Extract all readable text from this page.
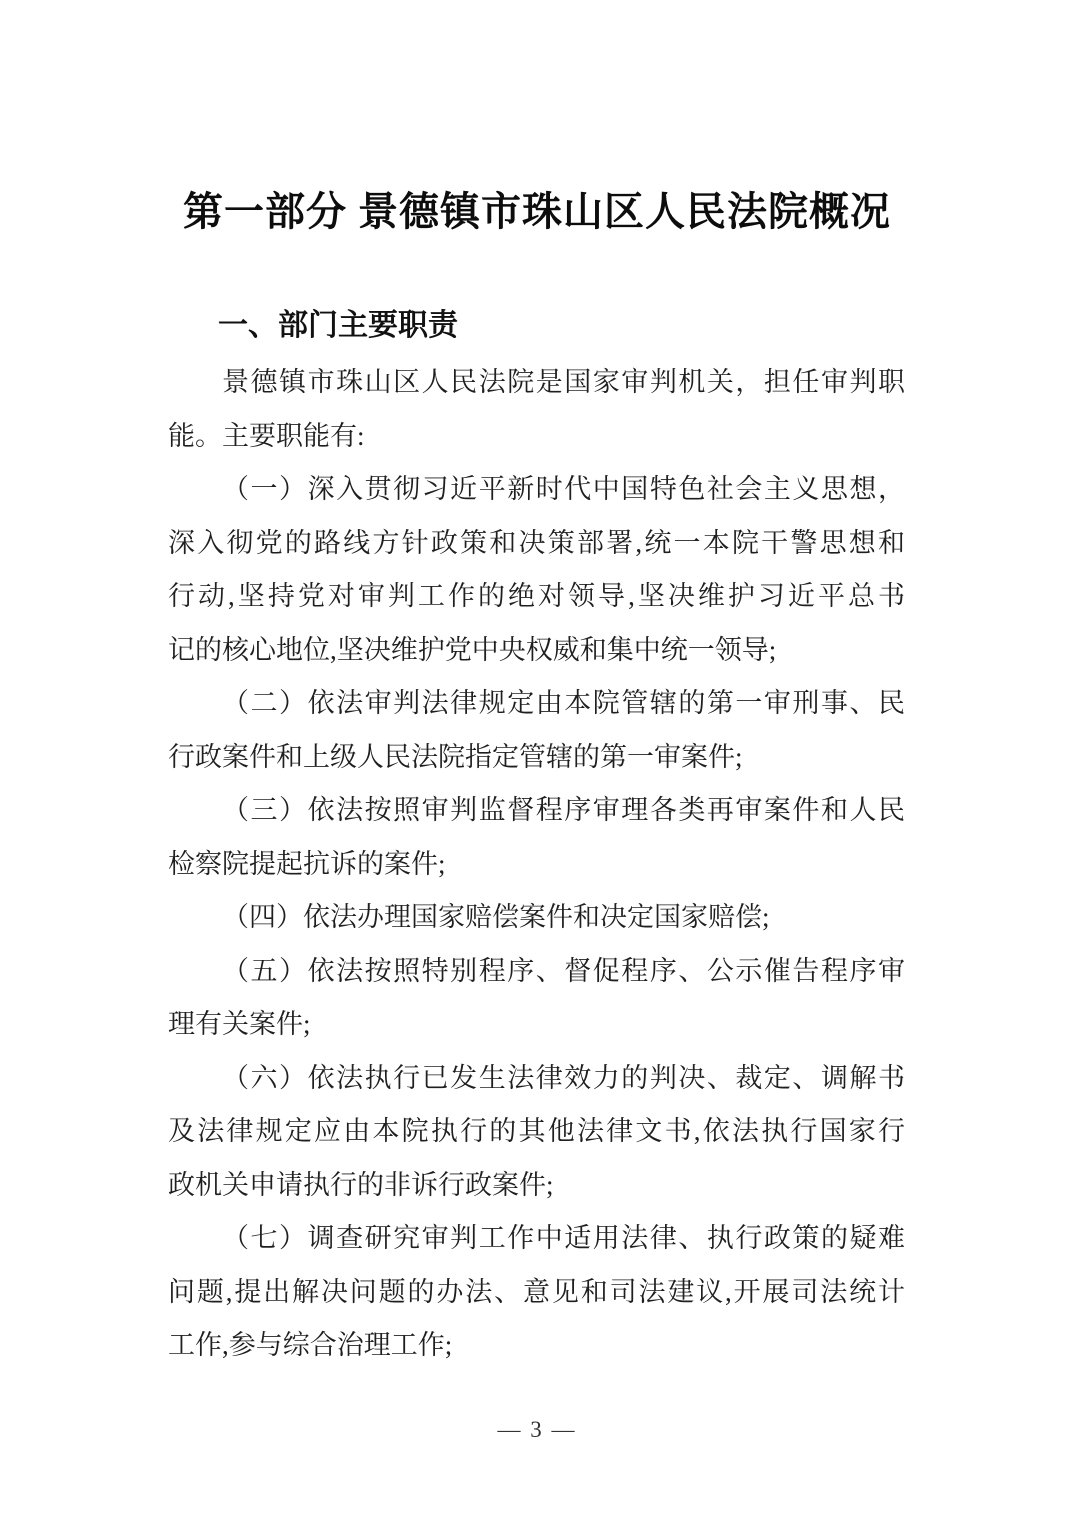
第一部分 景德镇市珠山区人民法院概况
一、部门主要职责
景德镇市珠山区人民法院是国家审判机关，担任审判职
能。主要职能有:
（一）深入贯彻习近平新时代中国特色社会主义思想，
深入彻党的路线方针政策和决策部署,统一本院干警思想和
行动,坚持党对审判工作的绝对领导,坚决维护习近平总书
记的核心地位,坚决维护党中央权威和集中统一领导;
（二）依法审判法律规定由本院管辖的第一审刑事、民
行政案件和上级人民法院指定管辖的第一审案件;
（三）依法按照审判监督程序审理各类再审案件和人民
检察院提起抗诉的案件;
（四）依法办理国家赔偿案件和决定国家赔偿;
（五）依法按照特别程序、督促程序、公示催告程序审
理有关案件;
（六）依法执行已发生法律效力的判决、裁定、调解书
及法律规定应由本院执行的其他法律文书,依法执行国家行
政机关申请执行的非诉行政案件;
（七）调查研究审判工作中适用法律、执行政策的疑难
问题,提出解决问题的办法、意见和司法建议,开展司法统计
工作,参与综合治理工作;
— 3 —
